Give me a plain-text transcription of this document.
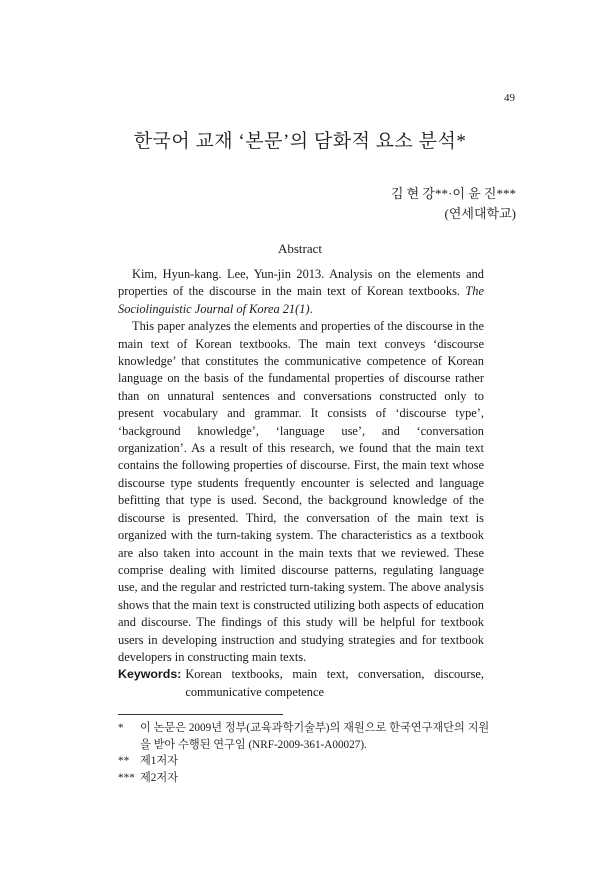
49
한국어 교재 ‘본문’의 담화적 요소 분석*
김 현 강**·이 윤 진***
(연세대학교)
Abstract

Kim, Hyun-kang. Lee, Yun-jin 2013. Analysis on the elements and properties of the discourse in the main text of Korean textbooks. The Sociolinguistic Journal of Korea 21(1).

This paper analyzes the elements and properties of the discourse in the main text of Korean textbooks. The main text conveys ‘discourse knowledge’ that constitutes the communicative competence of Korean language on the basis of the fundamental properties of discourse rather than on unnatural sentences and conversations constructed only to present vocabulary and grammar. It consists of ‘discourse type’, ‘background knowledge’, ‘language use’, and ‘conversation organization’. As a result of this research, we found that the main text contains the following properties of discourse. First, the main text whose discourse type students frequently encounter is selected and language befitting that type is used. Second, the background knowledge of the discourse is presented. Third, the conversation of the main text is organized with the turn-taking system. The characteristics as a textbook are also taken into account in the main texts that we reviewed. These comprise dealing with limited discourse patterns, regulating language use, and the regular and restricted turn-taking system. The above analysis shows that the main text is constructed utilizing both aspects of education and discourse. The findings of this study will be helpful for textbook users in developing instruction and studying strategies and for textbook developers in constructing main texts.

Keywords: Korean textbooks, main text, conversation, discourse, communicative competence
*	이 논문은 2009년 정부(교육과학기술부)의 재원으로 한국연구재단의 지원을 받아 수행된 연구임 (NRF-2009-361-A00027).
** 제1저자
*** 제2저자
